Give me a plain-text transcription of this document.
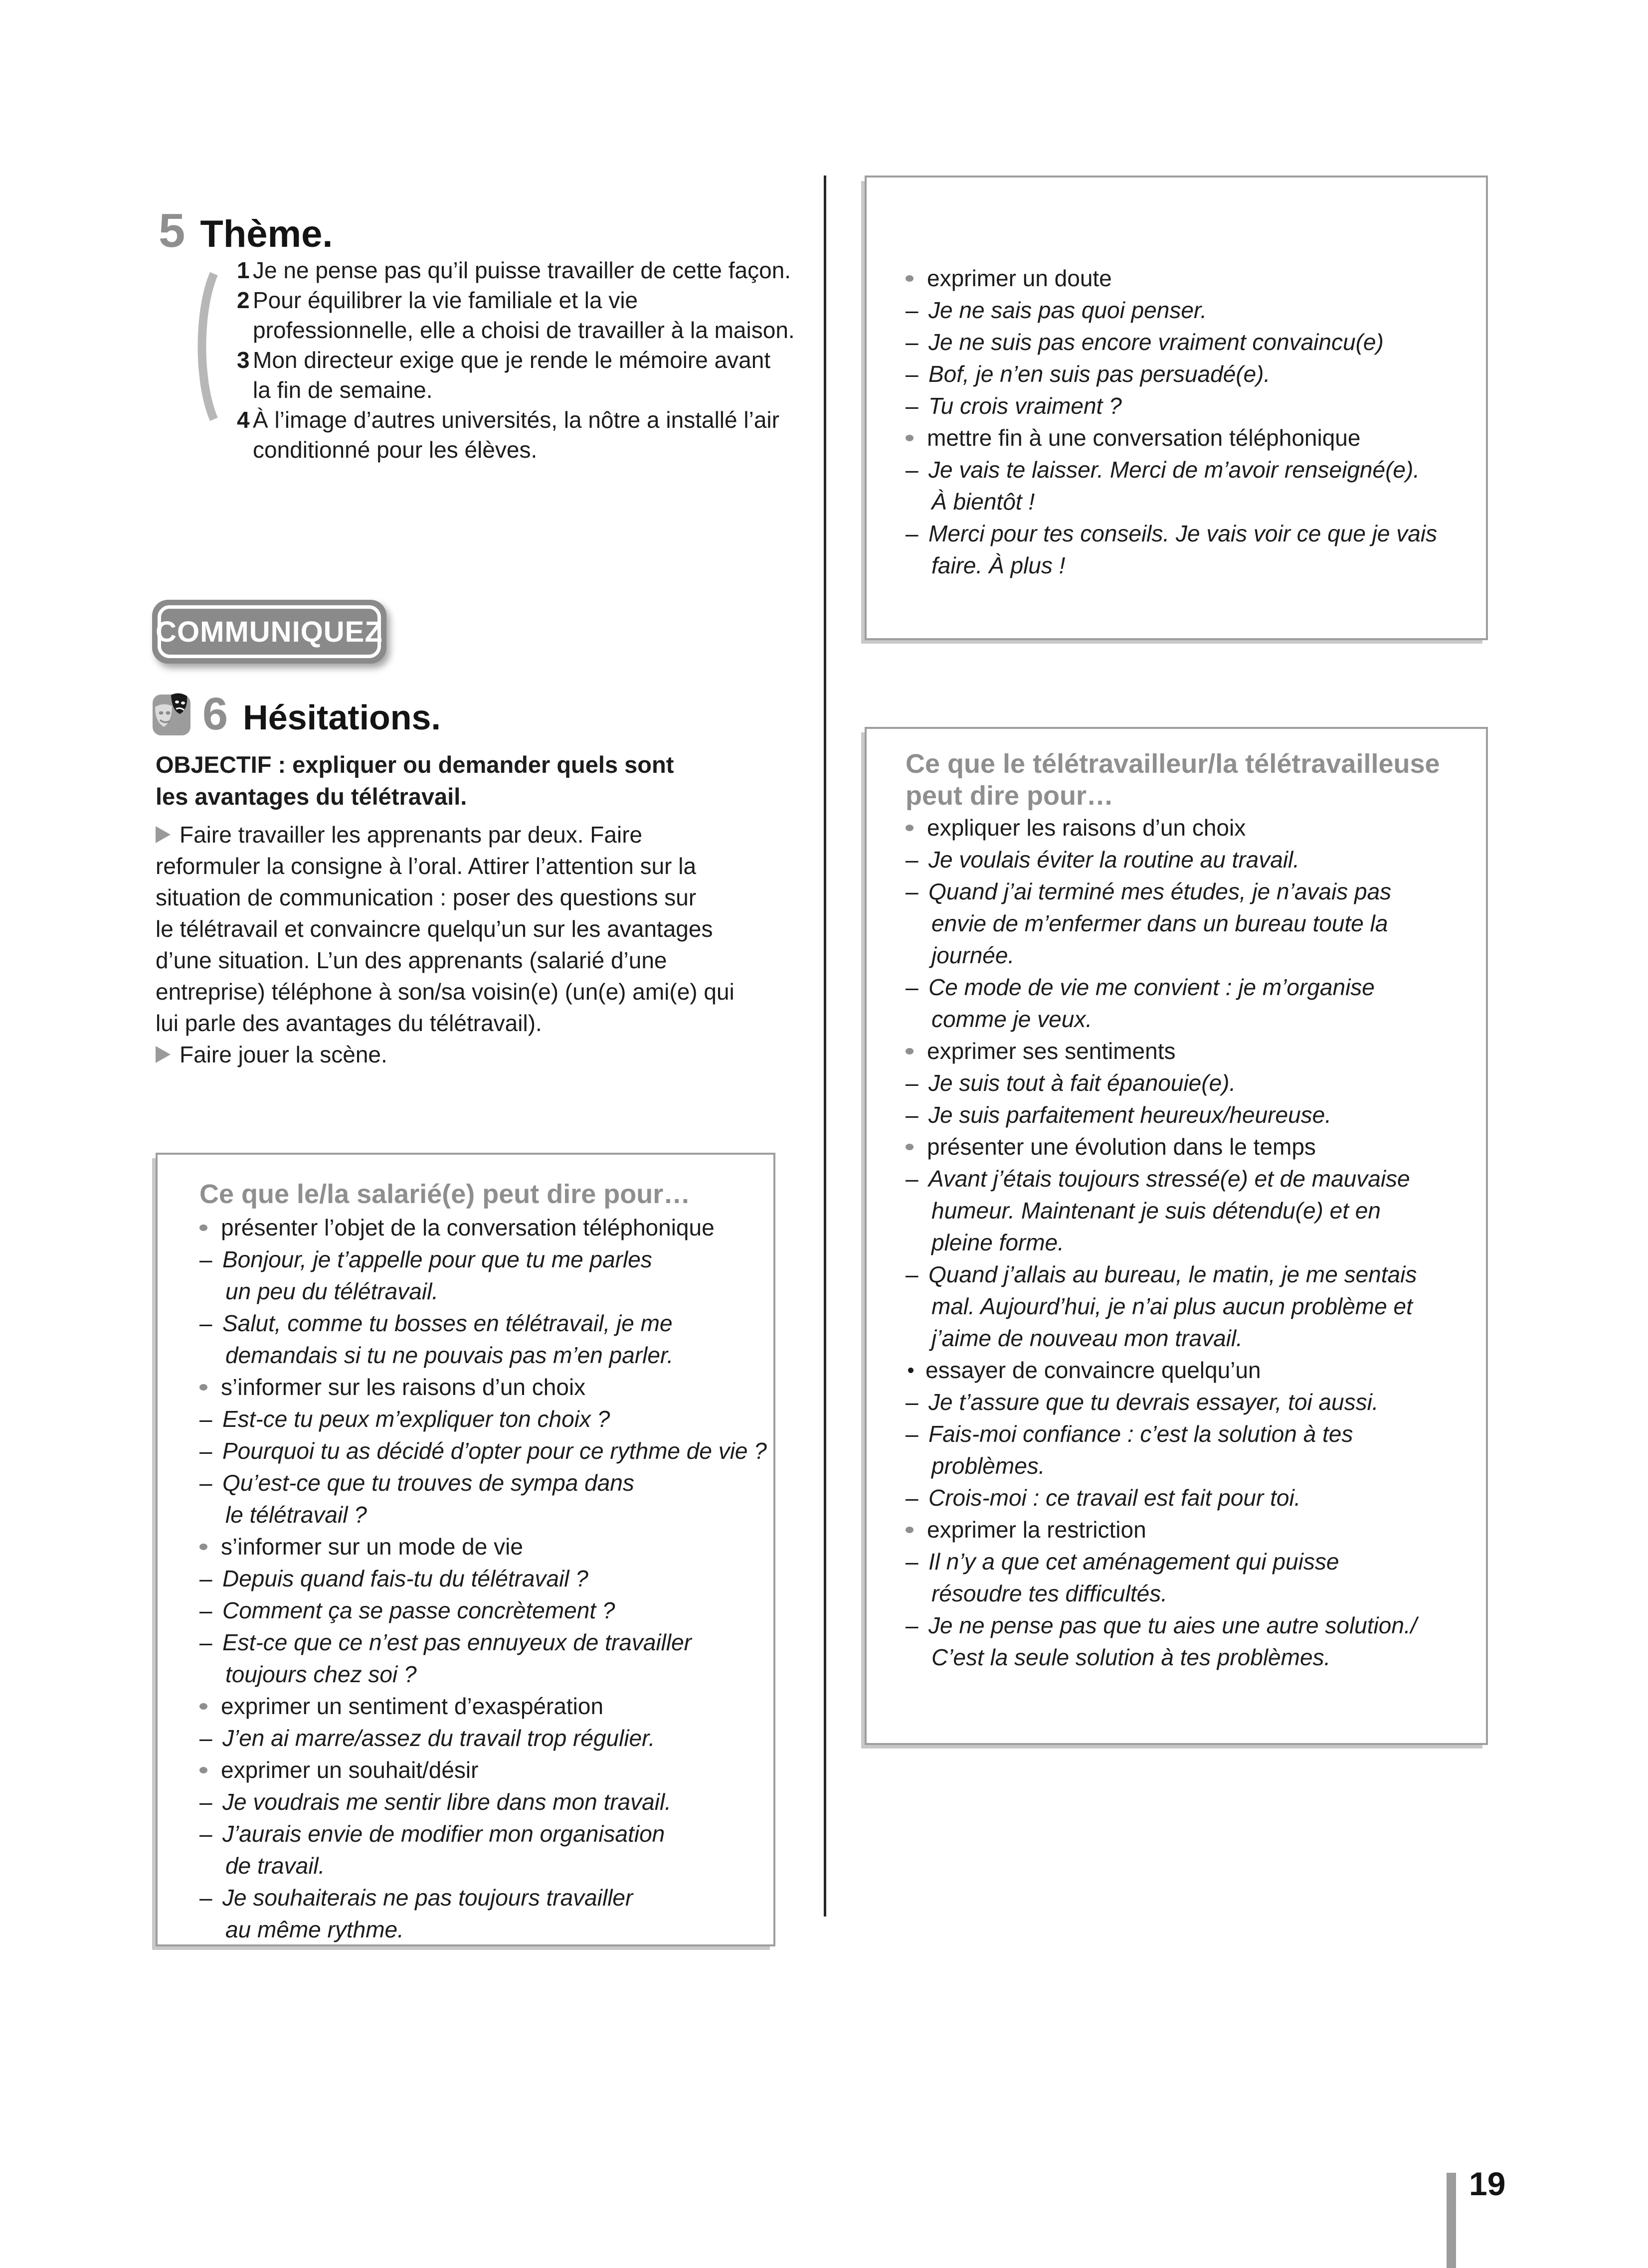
5 Thème.
1 Je ne pense pas qu’il puisse travailler de cette façon.
2 Pour équilibrer la vie familiale et la vie
professionnelle, elle a choisi de travailler à la maison.
3 Mon directeur exige que je rende le mémoire avant
la fin de semaine.
4 À l’image d’autres universités, la nôtre a installé l’air
conditionné pour les élèves.
COMMUNIQUEZ
6 Hésitations.
OBJECTIF : expliquer ou demander quels sont
les avantages du télétravail.
Faire travailler les apprenants par deux. Faire
reformuler la consigne à l’oral. Attirer l’attention sur la
situation de communication : poser des questions sur
le télétravail et convaincre quelqu’un sur les avantages
d’une situation. L’un des apprenants (salarié d’une
entreprise) téléphone à son/sa voisin(e) (un(e) ami(e) qui
lui parle des avantages du télétravail).
Faire jouer la scène.
Ce que le/la salarié(e) peut dire pour…
présenter l’objet de la conversation téléphonique
– Bonjour, je t’appelle pour que tu me parles
un peu du télétravail.
– Salut, comme tu bosses en télétravail, je me
demandais si tu ne pouvais pas m’en parler.
s’informer sur les raisons d’un choix
– Est-ce tu peux m’expliquer ton choix ?
– Pourquoi tu as décidé d’opter pour ce rythme de vie ?
– Qu’est-ce que tu trouves de sympa dans
le télétravail ?
s’informer sur un mode de vie
– Depuis quand fais-tu du télétravail ?
– Comment ça se passe concrètement ?
– Est-ce que ce n’est pas ennuyeux de travailler
toujours chez soi ?
exprimer un sentiment d’exaspération
– J’en ai marre/assez du travail trop régulier.
exprimer un souhait/désir
– Je voudrais me sentir libre dans mon travail.
– J’aurais envie de modifier mon organisation
de travail.
– Je souhaiterais ne pas toujours travailler
au même rythme.
exprimer un doute
– Je ne sais pas quoi penser.
– Je ne suis pas encore vraiment convaincu(e)
– Bof, je n’en suis pas persuadé(e).
– Tu crois vraiment ?
mettre fin à une conversation téléphonique
– Je vais te laisser. Merci de m’avoir renseigné(e).
À bientôt !
– Merci pour tes conseils. Je vais voir ce que je vais
faire. À plus !
Ce que le télétravailleur/la télétravailleuse
peut dire pour…
expliquer les raisons d’un choix
– Je voulais éviter la routine au travail.
– Quand j’ai terminé mes études, je n’avais pas
envie de m’enfermer dans un bureau toute la
journée.
– Ce mode de vie me convient : je m’organise
comme je veux.
exprimer ses sentiments
– Je suis tout à fait épanouie(e).
– Je suis parfaitement heureux/heureuse.
présenter une évolution dans le temps
– Avant j’étais toujours stressé(e) et de mauvaise
humeur. Maintenant je suis détendu(e) et en
pleine forme.
– Quand j’allais au bureau, le matin, je me sentais
mal. Aujourd’hui, je n’ai plus aucun problème et
j’aime de nouveau mon travail.
essayer de convaincre quelqu’un
– Je t’assure que tu devrais essayer, toi aussi.
– Fais-moi confiance : c’est la solution à tes
problèmes.
– Crois-moi : ce travail est fait pour toi.
exprimer la restriction
– Il n’y a que cet aménagement qui puisse
résoudre tes difficultés.
– Je ne pense pas que tu aies une autre solution./
C’est la seule solution à tes problèmes.
19
